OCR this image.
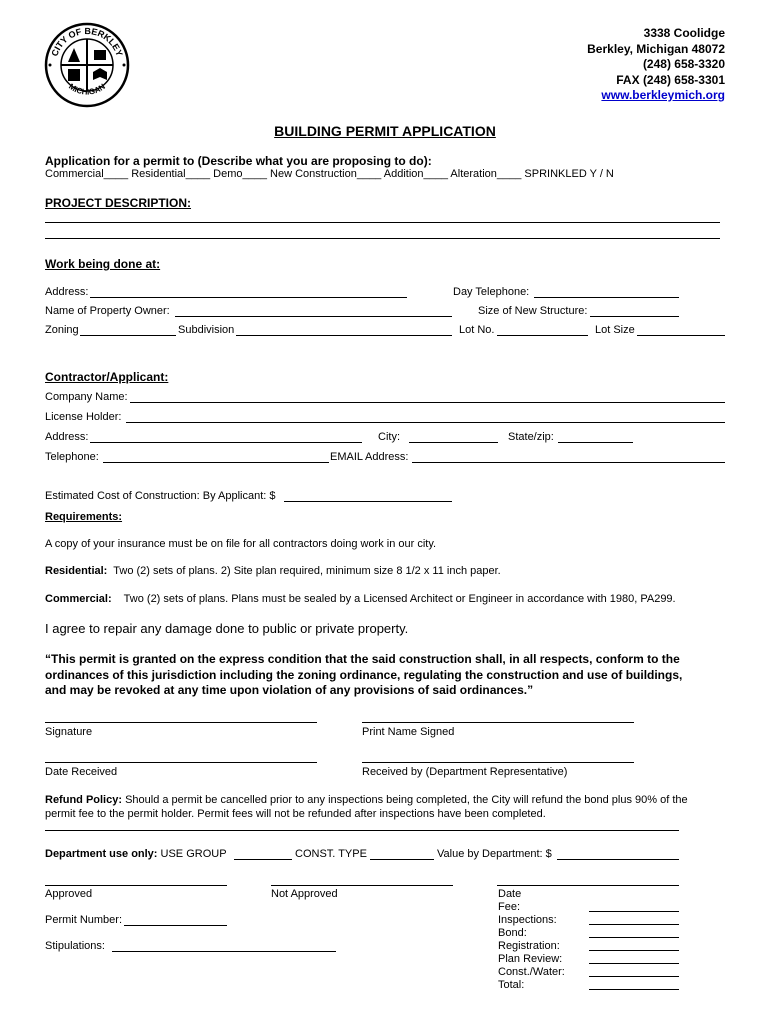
CITY OF BERKLEY
MICHIGAN
3338 Coolidge
Berkley, Michigan 48072
(248) 658-3320
FAX (248) 658-3301
www.berkleymich.org
BUILDING PERMIT APPLICATION
Application for a permit to (Describe what you are proposing to do):
Commercial____ Residential____ Demo____ New Construction____ Addition____ Alteration____ SPRINKLED Y / N
PROJECT DESCRIPTION:
Work being done at:
Address:	Day Telephone:
Name of Property Owner:	Size of New Structure:
Zoning	Subdivision	Lot No.	Lot Size
Contractor/Applicant:
Company Name:
License Holder:
Address:	City:	State/zip:
Telephone:	EMAIL Address:
Estimated Cost of Construction: By Applicant: $
Requirements:
A copy of your insurance must be on file for all contractors doing work in our city.
Residential: Two (2) sets of plans. 2) Site plan required, minimum size 8 1/2 x 11 inch paper.
Commercial: Two (2) sets of plans. Plans must be sealed by a Licensed Architect or Engineer in accordance with 1980, PA299.
I agree to repair any damage done to public or private property.
“This permit is granted on the express condition that the said construction shall, in all respects, conform to the
ordinances of this jurisdiction including the zoning ordinance, regulating the construction and use of buildings,
and may be revoked at any time upon violation of any provisions of said ordinances.”
Signature	Print Name Signed
Date Received	Received by (Department Representative)
Refund Policy: Should a permit be cancelled prior to any inspections being completed, the City will refund the bond plus 90% of the
permit fee to the permit holder. Permit fees will not be refunded after inspections have been completed.
Department use only: USE GROUP	CONST. TYPE	Value by Department: $
Approved	Not Approved
Permit Number:
Stipulations:
Date
Fee:
Inspections:
Bond:
Registration:
Plan Review:
Const./Water:
Total:
